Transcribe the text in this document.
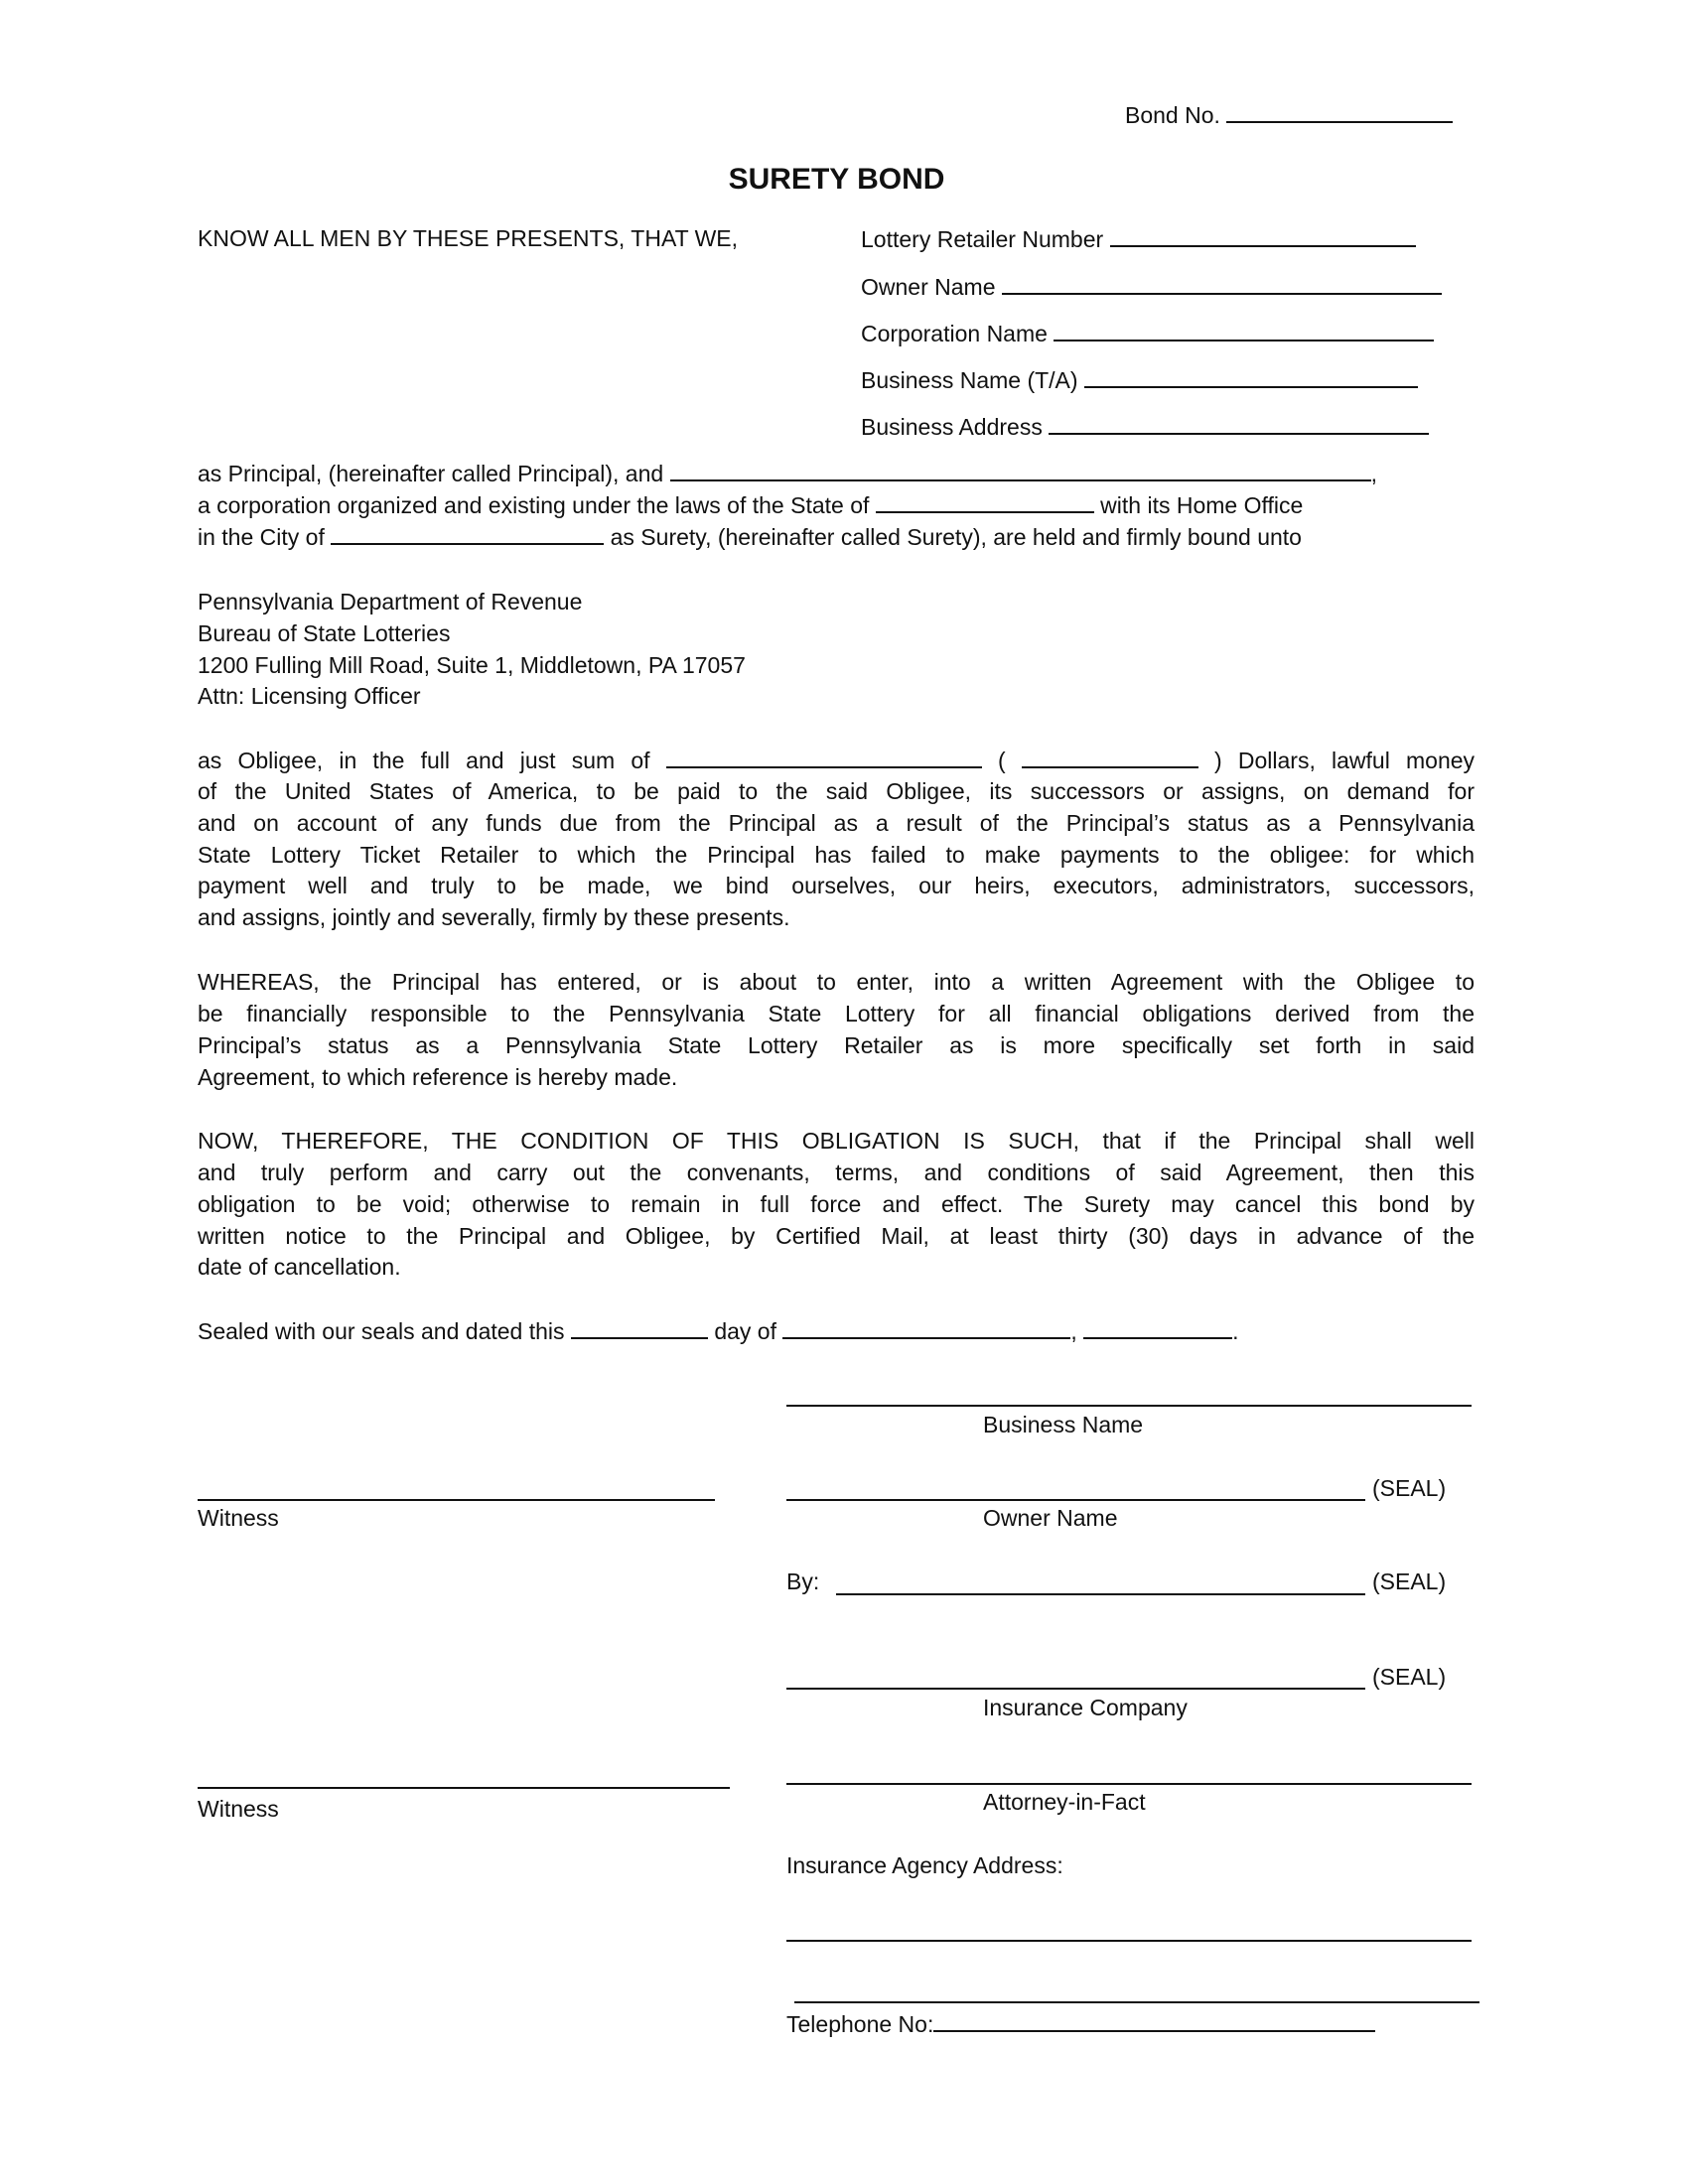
Bond No.
SURETY BOND
KNOW ALL MEN BY THESE PRESENTS, THAT WE,	Lottery Retailer Number
Owner Name
Corporation Name
Business Name (T/A)
Business Address
as Principal, (hereinafter called Principal), and	,
a corporation organized and existing under the laws of the State of	with its Home Office
in the City of	as Surety, (hereinafter called Surety), are held and firmly bound unto
Pennsylvania Department of Revenue
Bureau of State Lotteries
1200 Fulling Mill Road, Suite 1, Middletown, PA 17057
Attn: Licensing Officer
as Obligee, in the full and just sum of	(	) Dollars, lawful money
of the United States of America, to be paid to the said Obligee, its successors or assigns, on demand for
and on account of any funds due from the Principal as a result of the Principal’s status as a Pennsylvania
State Lottery Ticket Retailer to which the Principal has failed to make payments to the obligee: for which
payment well and truly to be made, we bind ourselves, our heirs, executors, administrators, successors,
and assigns, jointly and severally, firmly by these presents.
WHEREAS, the Principal has entered, or is about to enter, into a written Agreement with the Obligee to
be financially responsible to the Pennsylvania State Lottery for all financial obligations derived from the
Principal’s status as a Pennsylvania State Lottery Retailer as is more specifically set forth in said
Agreement, to which reference is hereby made.
NOW, THEREFORE, THE CONDITION OF THIS OBLIGATION IS SUCH, that if the Principal shall well
and truly perform and carry out the convenants, terms, and conditions of said Agreement, then this
obligation to be void; otherwise to remain in full force and effect. The Surety may cancel this bond by
written notice to the Principal and Obligee, by Certified Mail, at least thirty (30) days in advance of the
date of cancellation.
Sealed with our seals and dated this	day of	,	.
Business Name
Witness
(SEAL)
Owner Name
By:	(SEAL)
(SEAL)
Insurance Company
Witness	Attorney-in-Fact
Insurance Agency Address:
Telephone No:
